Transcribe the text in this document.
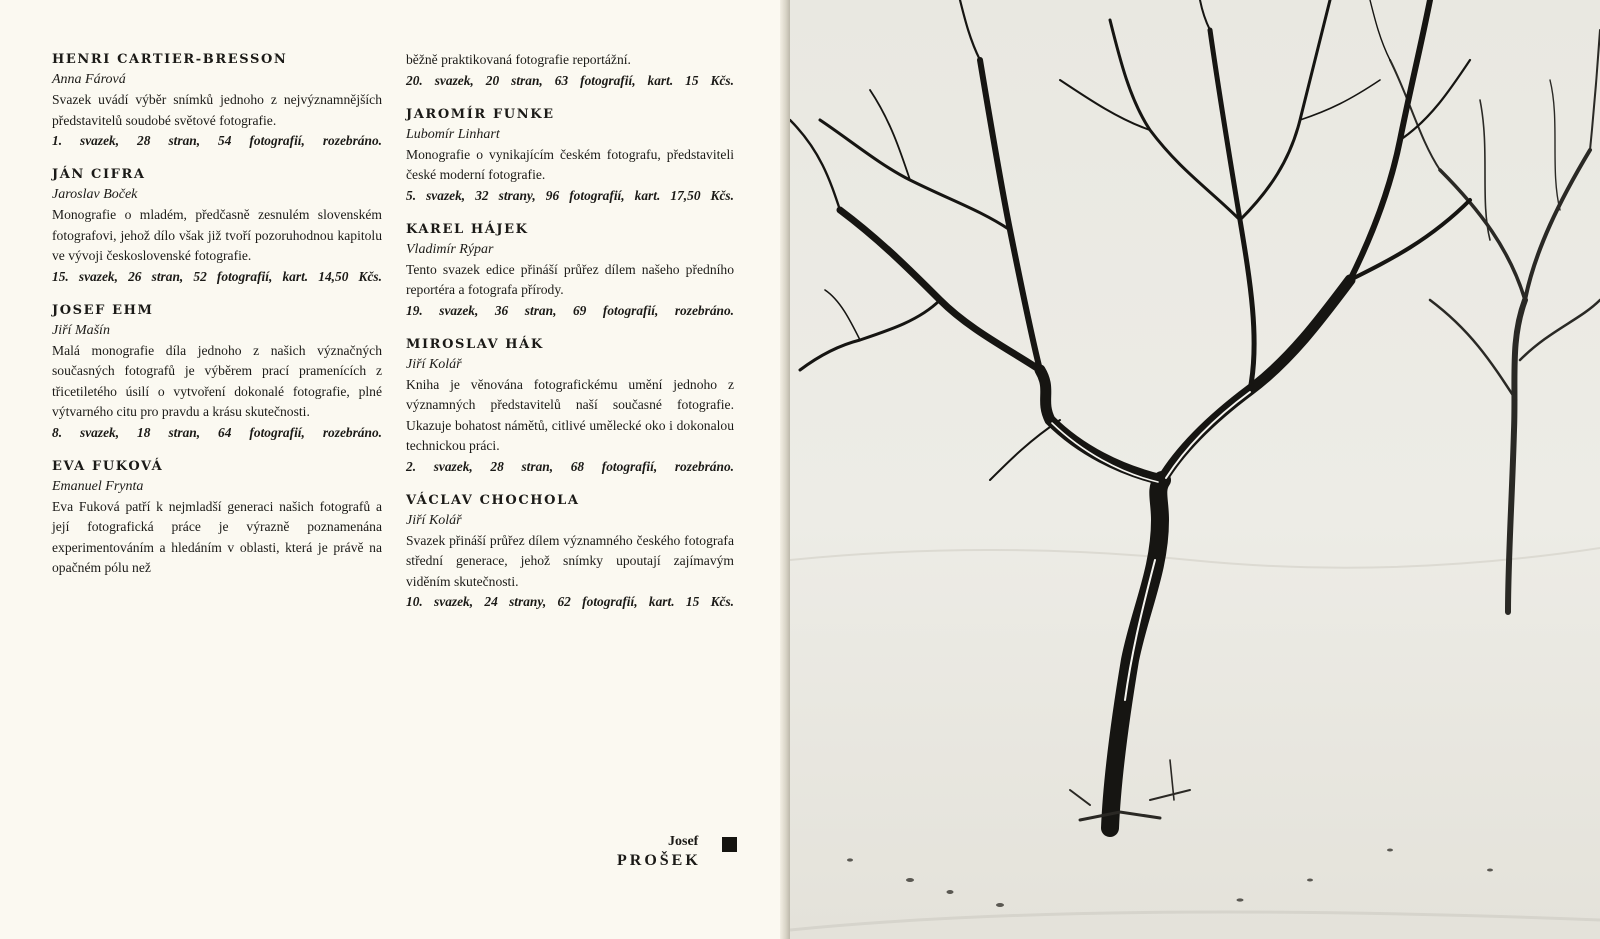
HENRI CARTIER-BRESSON

Anna Fárová

Svazek uvádí výběr snímků jednoho z nejvýznamnějších představitelů soudobé světové fotografie.

1. svazek, 28 stran, 54 fotografií, rozebráno.

JÁN CIFRA

Jaroslav Boček

Monografie o mladém, předčasně zesnulém slovenském fotografovi, jehož dílo však již tvoří pozoruhodnou kapitolu ve vývoji československé fotografie.

15. svazek, 26 stran, 52 fotografií, kart. 14,50 Kčs.

JOSEF EHM

Jiří Mašín

Malá monografie díla jednoho z našich význačných současných fotografů je výběrem prací pramenících z třicetiletého úsilí o vytvoření dokonalé fotografie, plné výtvarného citu pro pravdu a krásu skutečnosti.

8. svazek, 18 stran, 64 fotografií, rozebráno.

EVA FUKOVÁ

Emanuel Frynta

Eva Fuková patří k nejmladší generaci našich fotografů a její fotografická práce je výrazně poznamenána experimentováním a hledáním v oblasti, která je právě na opačném pólu než

běžně praktikovaná fotografie reportážní.

20. svazek, 20 stran, 63 fotografií, kart. 15 Kčs.

JAROMÍR FUNKE

Lubomír Linhart

Monografie o vynikajícím českém fotografu, představiteli české moderní fotografie.

5. svazek, 32 strany, 96 fotografií, kart. 17,50 Kčs.

KAREL HÁJEK

Vladimír Rýpar

Tento svazek edice přináší průřez dílem našeho předního reportéra a fotografa přírody.

19. svazek, 36 stran, 69 fotografií, rozebráno.

MIROSLAV HÁK

Jiří Kolář

Kniha je věnována fotografickému umění jednoho z významných představitelů naší současné fotografie. Ukazuje bohatost námětů, citlivé umělecké oko i dokonalou technickou práci.

2. svazek, 28 stran, 68 fotografií, rozebráno.

VÁCLAV CHOCHOLA

Jiří Kolář

Svazek přináší průřez dílem významného českého fotografa střední generace, jehož snímky upoutají zajímavým viděním skutečnosti.

10. svazek, 24 strany, 62 fotografií, kart. 15 Kčs.

Josef
PROŠEK
